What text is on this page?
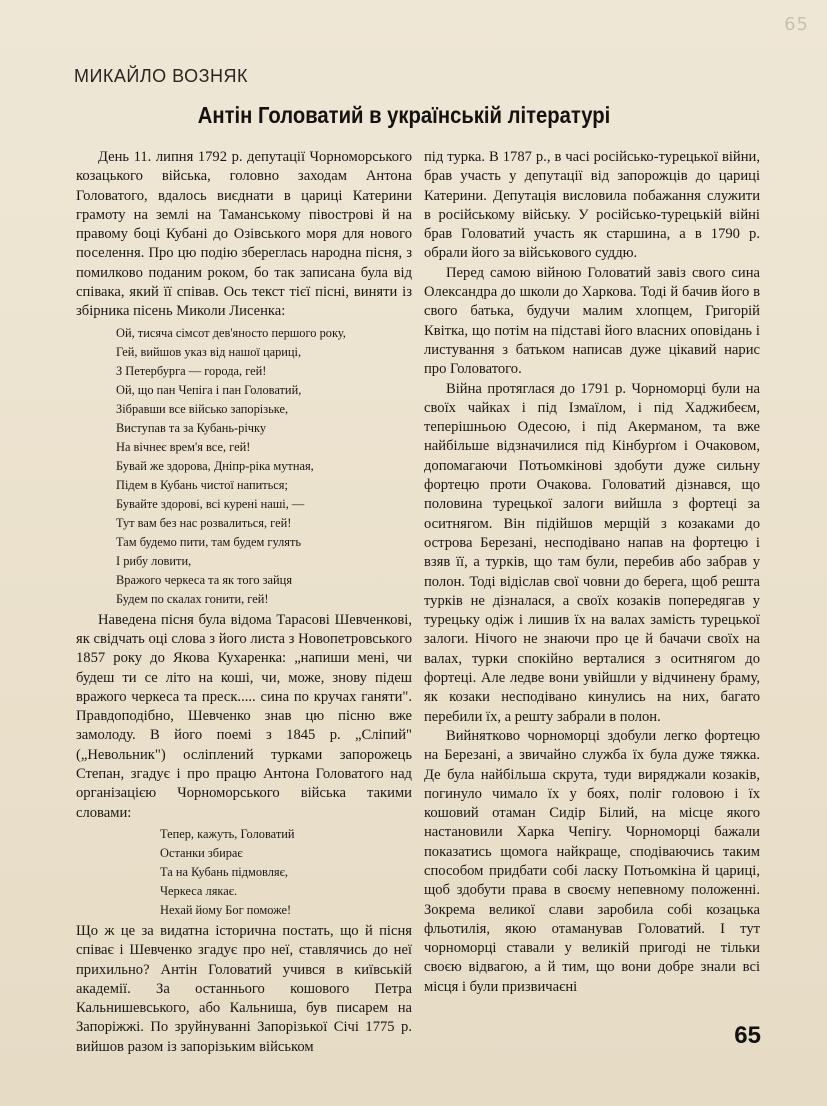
65
МИКАЙЛО ВОЗНЯК
Антін Головатий в українській літературі

День 11. липня 1792 р. депутації Чорноморського козацького війська, головно заходам Антона Головатого, вдалось виєднати в цариці Катерини грамоту на землі на Таманському півострові й на правому боці Кубані до Озівського моря для нового поселення. Про цю подію збереглась народна пісня, з помилково поданим роком, бо так записана була від співака, який її співав. Ось текст тієї пісні, виняти із збірника пісень Миколи Лисенка:

Ой, тисяча сімсот дев'яносто першого року,
Гей, вийшов указ від нашої цариці,
З Петербурга — города, гей!
Ой, що пан Чепіга і пан Головатий,
Зібравши все військо запорізьке,
Виступав та за Кубань-річку
На вічнеє врем'я все, гей!
Бувай же здорова, Дніпр-ріка мутная,
Підем в Кубань чистої напиться;
Бувайте здорові, всі курені наші, —
Тут вам без нас розвалиться, гей!
Там будемо пити, там будем гулять
І рибу ловити,
Вражого черкеса та як того зайця
Будем по скалах гонити, гей!

Наведена пісня була відома Тарасові Шевченкові, як свідчать оці слова з його листа з Новопетровського 1857 року до Якова Кухаренка: „напиши мені, чи будеш ти се літо на коші, чи, може, знову підеш вражого черкеса та преск..... сина по кручах ганяти". Правдоподібно, Шевченко знав цю пісню вже замолоду. В його поемі з 1845 р. „Сліпий" („Невольник") осліплений турками запорожець Степан, згадує і про працю Антона Головатого над організацією Чорноморського війська такими словами:

Тепер, кажуть, Головатий
Останки збирає
Та на Кубань підмовляє,
Черкеса лякає.
Нехай йому Бог поможе!

Що ж це за видатна історична постать, що й пісня співає і Шевченко згадує про неї, ставлячись до неї прихильно? Антін Головатий учився в київській академії. За останнього кошового Петра Кальнишевського, або Кальниша, був писарем на Запоріжжі. По зруйнуванні Запорізької Січі 1775 р. вийшов разом із запорізьким військом

під турка. В 1787 р., в часі російсько-турецької війни, брав участь у депутації від запорожців до цариці Катерини. Депутація висловила побажання служити в російському війську. У російсько-турецькій війні брав Головатий участь як старшина, а в 1790 р. обрали його за військового суддю.

Перед самою війною Головатий завіз свого сина Олександра до школи до Харкова. Тоді й бачив його в свого батька, будучи малим хлопцем, Григорій Квітка, що потім на підставі його власних оповідань і листування з батьком написав дуже цікавий нарис про Головатого.

Війна протяглася до 1791 р. Чорноморці були на своїх чайках і під Ізмаїлом, і під Хаджибеєм, теперішньою Одесою, і під Акерманом, та вже найбільше відзначилися під Кінбурґом і Очаковом, допомагаючи Потьомкінові здобути дуже сильну фортецю проти Очакова. Головатий дізнався, що половина турецької залоги вийшла з фортеці за оситнягом. Він підійшов мерщій з козаками до острова Березані, несподівано напав на фортецю і взяв її, а турків, що там були, перебив або забрав у полон. Тоді відіслав свої човни до берега, щоб решта турків не дізналася, а своїх козаків попередягав у турецьку одіж і лишив їх на валах замість турецької залоги. Нічого не знаючи про це й бачачи своїх на валах, турки спокійно верталися з оситнягом до фортеці. Але ледве вони увійшли у відчинену браму, як козаки несподівано кинулись на них, багато перебили їх, а решту забрали в полон.

Вийнятково чорноморці здобули легко фортецю на Березані, а звичайно служба їх була дуже тяжка. Де була найбільша скрута, туди виряджали козаків, погинуло чимало їх у боях, поліг головою і їх кошовий отаман Сидір Білий, на місце якого настановили Харка Чепігу. Чорноморці бажали показатись щомога найкраще, сподіваючись таким способом придбати собі ласку Потьомкіна й цариці, щоб здобути права в своєму непевному положенні. Зокрема великої слави заробила собі козацька фльотилія, якою отаманував Головатий. І тут чорноморці ставали у великій пригоді не тільки своєю відвагою, а й тим, що вони добре знали всі місця і були призвичаєні

65
